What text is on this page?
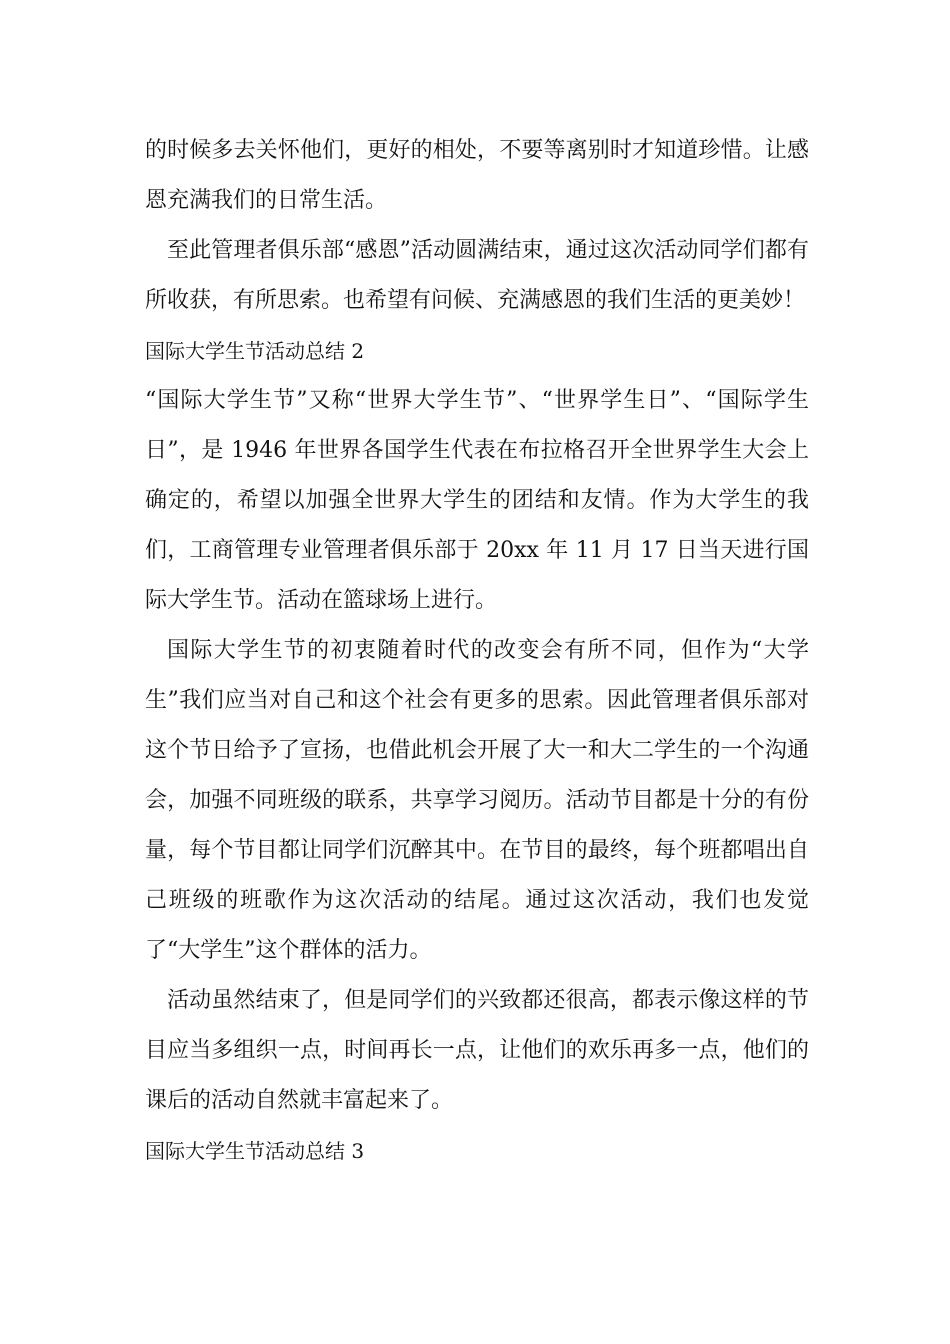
的时候多去关怀他们，更好的相处，不要等离别时才知道珍惜。让感恩充满我们的日常生活。

至此管理者俱乐部“感恩”活动圆满结束，通过这次活动同学们都有所收获，有所思索。也希望有问候、充满感恩的我们生活的更美妙！

国际大学生节活动总结 2

“国际大学生节”又称“世界大学生节”、“世界学生日”、“国际学生日”，是 1946 年世界各国学生代表在布拉格召开全世界学生大会上确定的，希望以加强全世界大学生的团结和友情。作为大学生的我们，工商管理专业管理者俱乐部于 20xx 年 11 月 17 日当天进行国际大学生节。活动在篮球场上进行。

国际大学生节的初衷随着时代的改变会有所不同，但作为“大学生”我们应当对自己和这个社会有更多的思索。因此管理者俱乐部对这个节日给予了宣扬，也借此机会开展了大一和大二学生的一个沟通会，加强不同班级的联系，共享学习阅历。活动节目都是十分的有份量，每个节目都让同学们沉醉其中。在节目的最终，每个班都唱出自己班级的班歌作为这次活动的结尾。通过这次活动，我们也发觉了“大学生”这个群体的活力。

活动虽然结束了，但是同学们的兴致都还很高，都表示像这样的节目应当多组织一点，时间再长一点，让他们的欢乐再多一点，他们的课后的活动自然就丰富起来了。

国际大学生节活动总结 3
